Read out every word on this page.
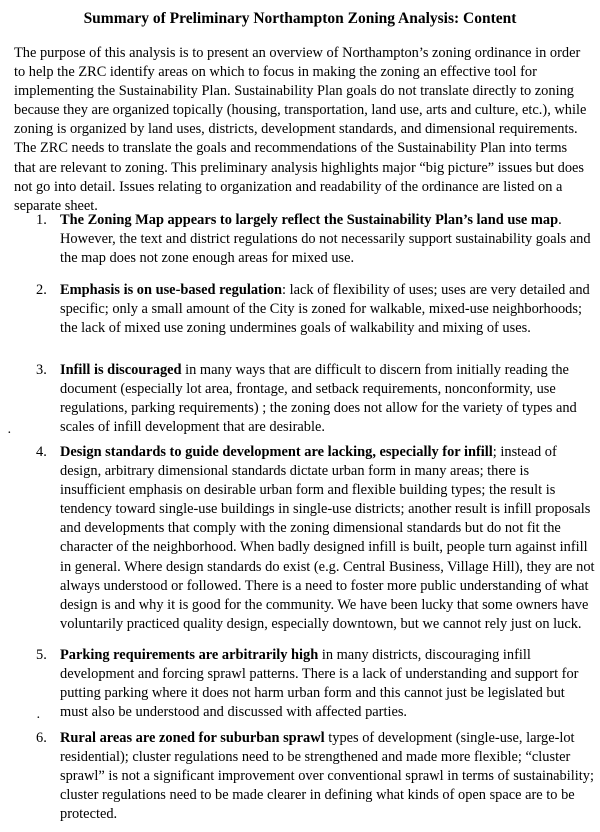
Summary of Preliminary Northampton Zoning Analysis: Content

The purpose of this analysis is to present an overview of Northampton’s zoning ordinance in order to help the ZRC identify areas on which to focus in making the zoning an effective tool for implementing the Sustainability Plan. Sustainability Plan goals do not translate directly to zoning because they are organized topically (housing, transportation, land use, arts and culture, etc.), while zoning is organized by land uses, districts, development standards, and dimensional requirements. The ZRC needs to translate the goals and recommendations of the Sustainability Plan into terms that are relevant to zoning. This preliminary analysis highlights major “big picture” issues but does not go into detail. Issues relating to organization and readability of the ordinance are listed on a separate sheet.

1. The Zoning Map appears to largely reflect the Sustainability Plan’s land use map. However, the text and district regulations do not necessarily support sustainability goals and the map does not zone enough areas for mixed use.
2. Emphasis is on use-based regulation: lack of flexibility of uses; uses are very detailed and specific; only a small amount of the City is zoned for walkable, mixed-use neighborhoods; the lack of mixed use zoning undermines goals of walkability and mixing of uses.
3. Infill is discouraged in many ways that are difficult to discern from initially reading the document (especially lot area, frontage, and setback requirements, nonconformity, use regulations, parking requirements) ; the zoning does not allow for the variety of types and scales of infill development that are desirable.
4. Design standards to guide development are lacking, especially for infill; instead of design, arbitrary dimensional standards dictate urban form in many areas; there is insufficient emphasis on desirable urban form and flexible building types; the result is tendency toward single-use buildings in single-use districts; another result is infill proposals and developments that comply with the zoning dimensional standards but do not fit the character of the neighborhood. When badly designed infill is built, people turn against infill in general. Where design standards do exist (e.g. Central Business, Village Hill), they are not always understood or followed. There is a need to foster more public understanding of what design is and why it is good for the community. We have been lucky that some owners have voluntarily practiced quality design, especially downtown, but we cannot rely just on luck.
5. Parking requirements are arbitrarily high in many districts, discouraging infill development and forcing sprawl patterns. There is a lack of understanding and support for putting parking where it does not harm urban form and this cannot just be legislated but must also be understood and discussed with affected parties.
6. Rural areas are zoned for suburban sprawl types of development (single-use, large-lot residential); cluster regulations need to be strengthened and made more flexible; “cluster sprawl” is not a significant improvement over conventional sprawl in terms of sustainability; cluster regulations need to be made clearer in defining what kinds of open space are to be protected.
·
·
